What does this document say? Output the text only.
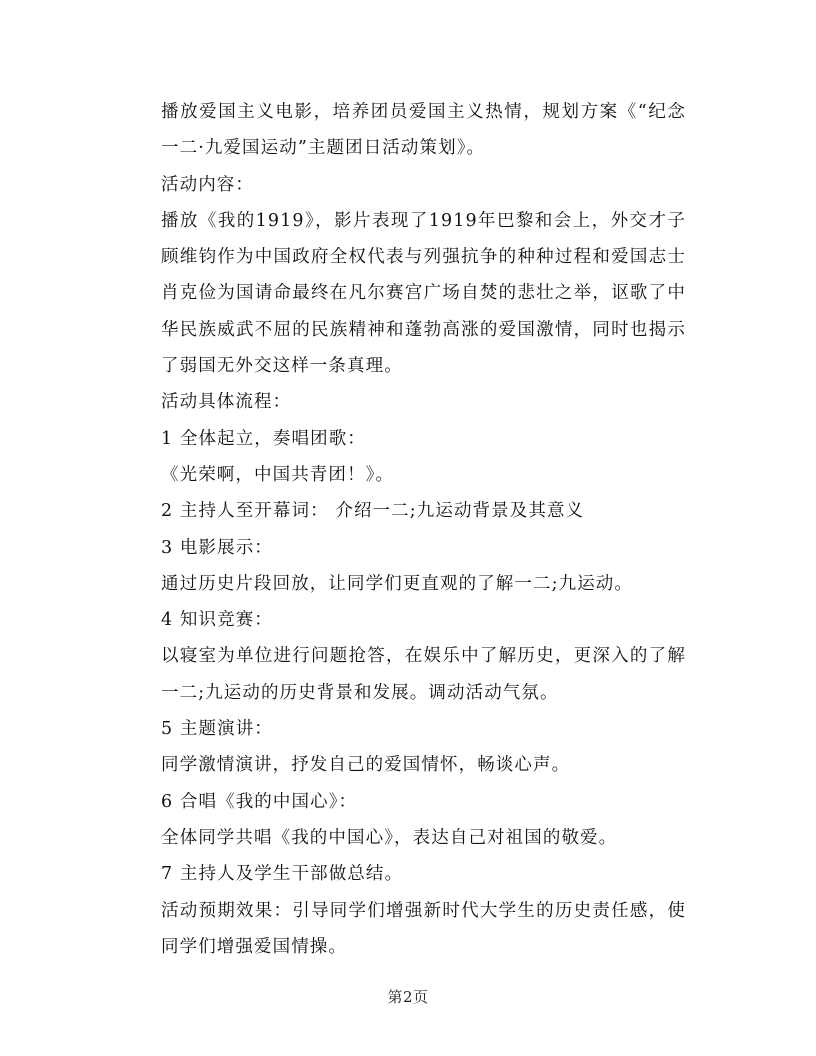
播放爱国主义电影，培养团员爱国主义热情，规划方案《“纪念一二·九爱国运动”主题团日活动策划》。

活动内容：

播放《我的1919》，影片表现了1919年巴黎和会上，外交才子顾维钧作为中国政府全权代表与列强抗争的种种过程和爱国志士肖克俭为国请命最终在凡尔赛宫广场自焚的悲壮之举，讴歌了中华民族威武不屈的民族精神和蓬勃高涨的爱国激情，同时也揭示了弱国无外交这样一条真理。

活动具体流程：

1 全体起立，奏唱团歌：

《光荣啊，中国共青团！》。

2 主持人至开幕词： 介绍一二;九运动背景及其意义

3 电影展示：

通过历史片段回放，让同学们更直观的了解一二;九运动。

4 知识竞赛：

以寝室为单位进行问题抢答，在娱乐中了解历史，更深入的了解一二;九运动的历史背景和发展。调动活动气氛。

5 主题演讲：

同学激情演讲，抒发自己的爱国情怀，畅谈心声。

6 合唱《我的中国心》：

全体同学共唱《我的中国心》，表达自己对祖国的敬爱。

7 主持人及学生干部做总结。

活动预期效果：引导同学们增强新时代大学生的历史责任感，使同学们增强爱国情操。

第2页
